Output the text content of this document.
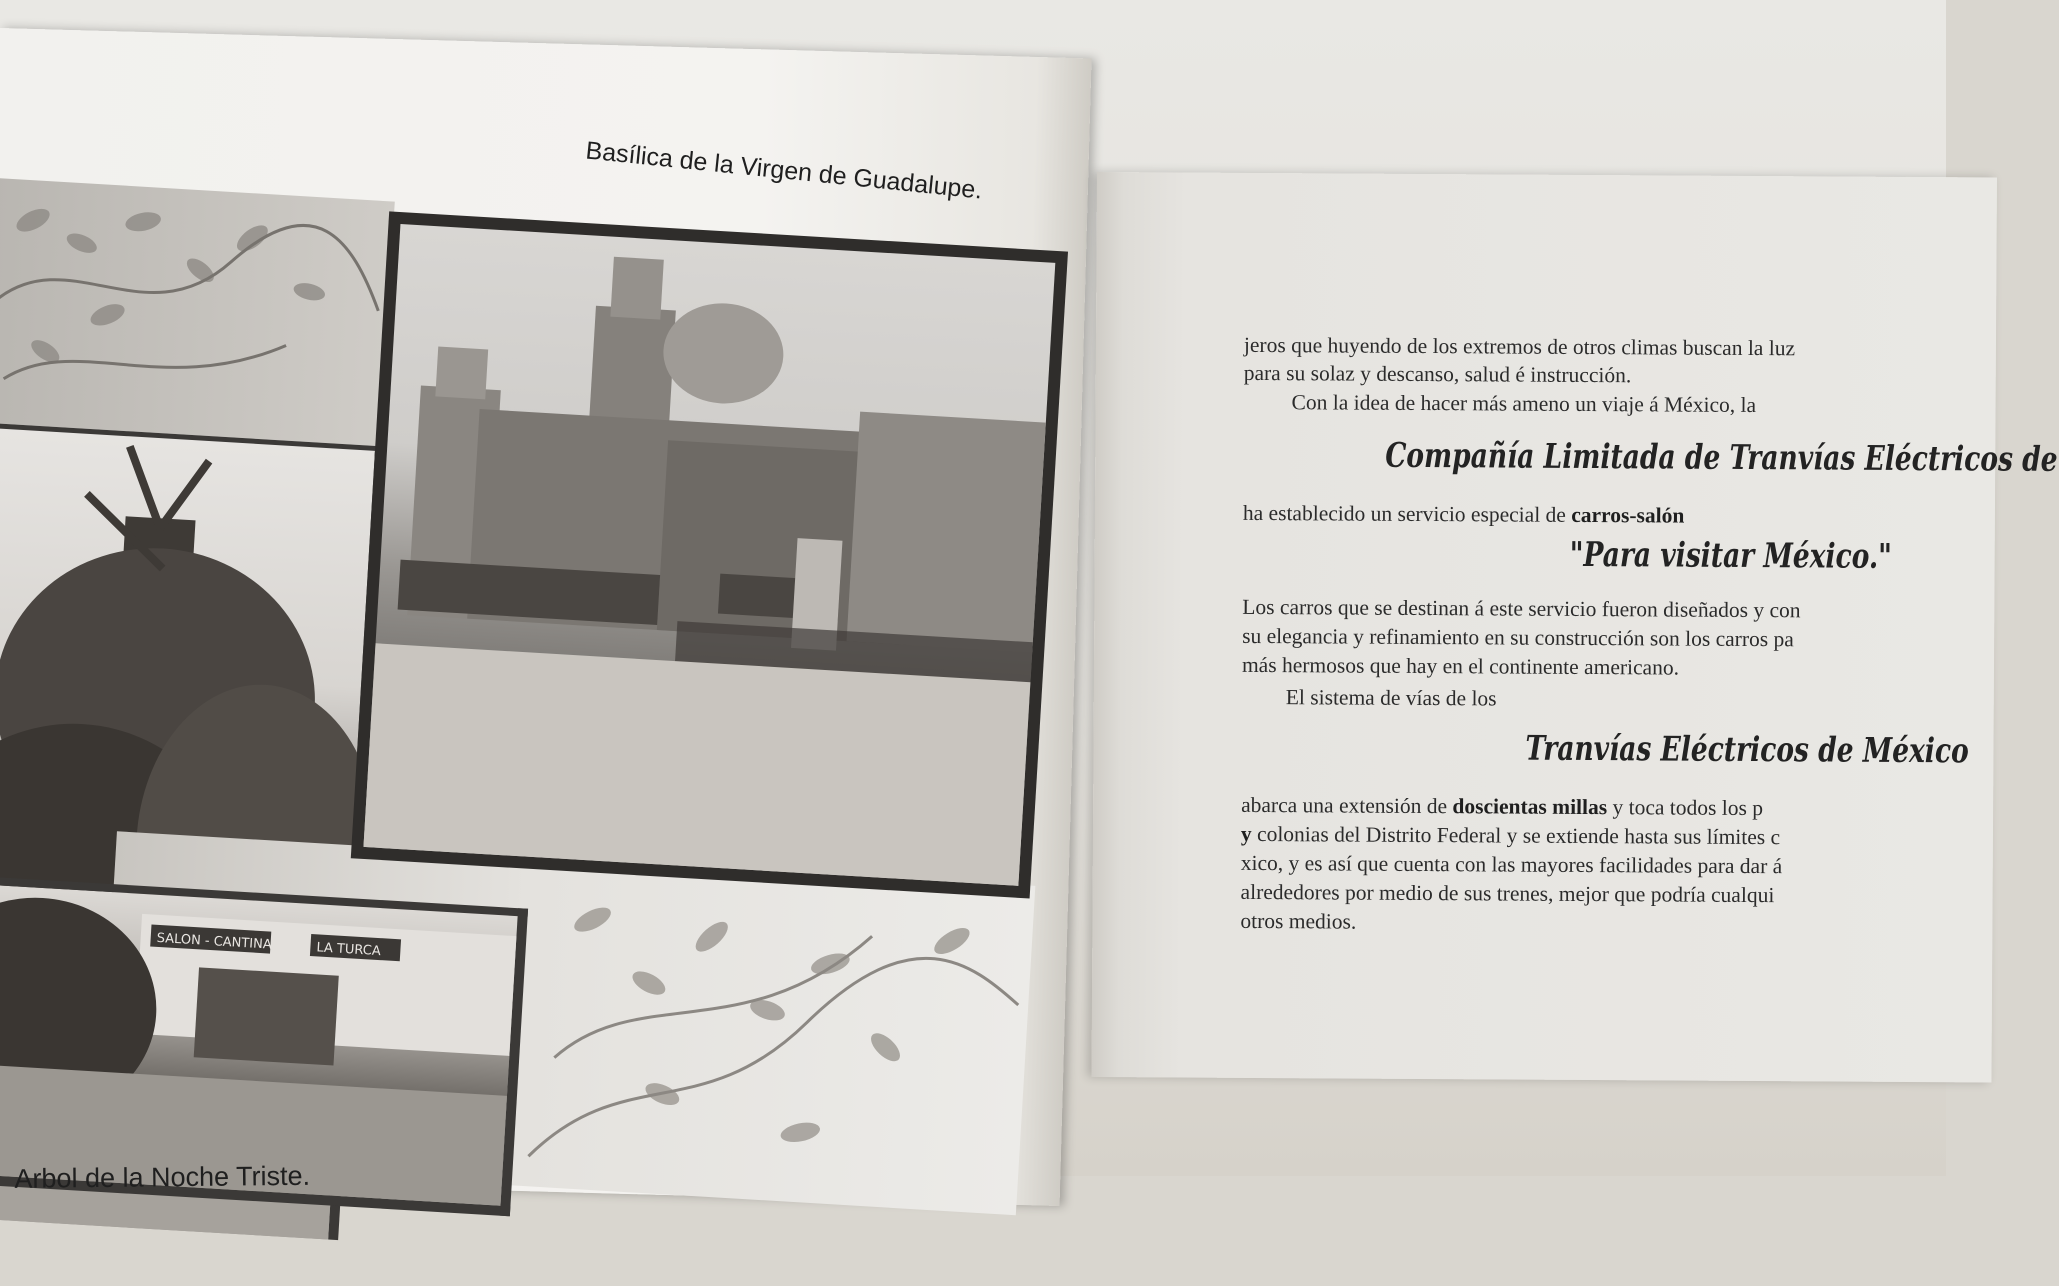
Basílica de la Virgen de Guadalupe.
SALON - CANTINA	LA TURCA
Arbol de la Noche Triste.
jeros que huyendo de los extremos de otros climas buscan la luz
para su solaz y descanso, salud é instrucción.
Con la idea de hacer más ameno un viaje á México, la
Compañía Limitada de Tranvías Eléctricos de
ha establecido un servicio especial de carros-salón
"Para visitar México."
Los carros que se destinan á este servicio fueron diseñados y con
su elegancia y refinamiento en su construcción son los carros pa
más hermosos que hay en el continente americano.
El sistema de vías de los
Tranvías Eléctricos de México
abarca una extensión de doscientas millas y toca todos los p
y colonias del Distrito Federal y se extiende hasta sus límites c
xico, y es así que cuenta con las mayores facilidades para dar á
alrededores por medio de sus trenes, mejor que podría cualqui
otros medios.
